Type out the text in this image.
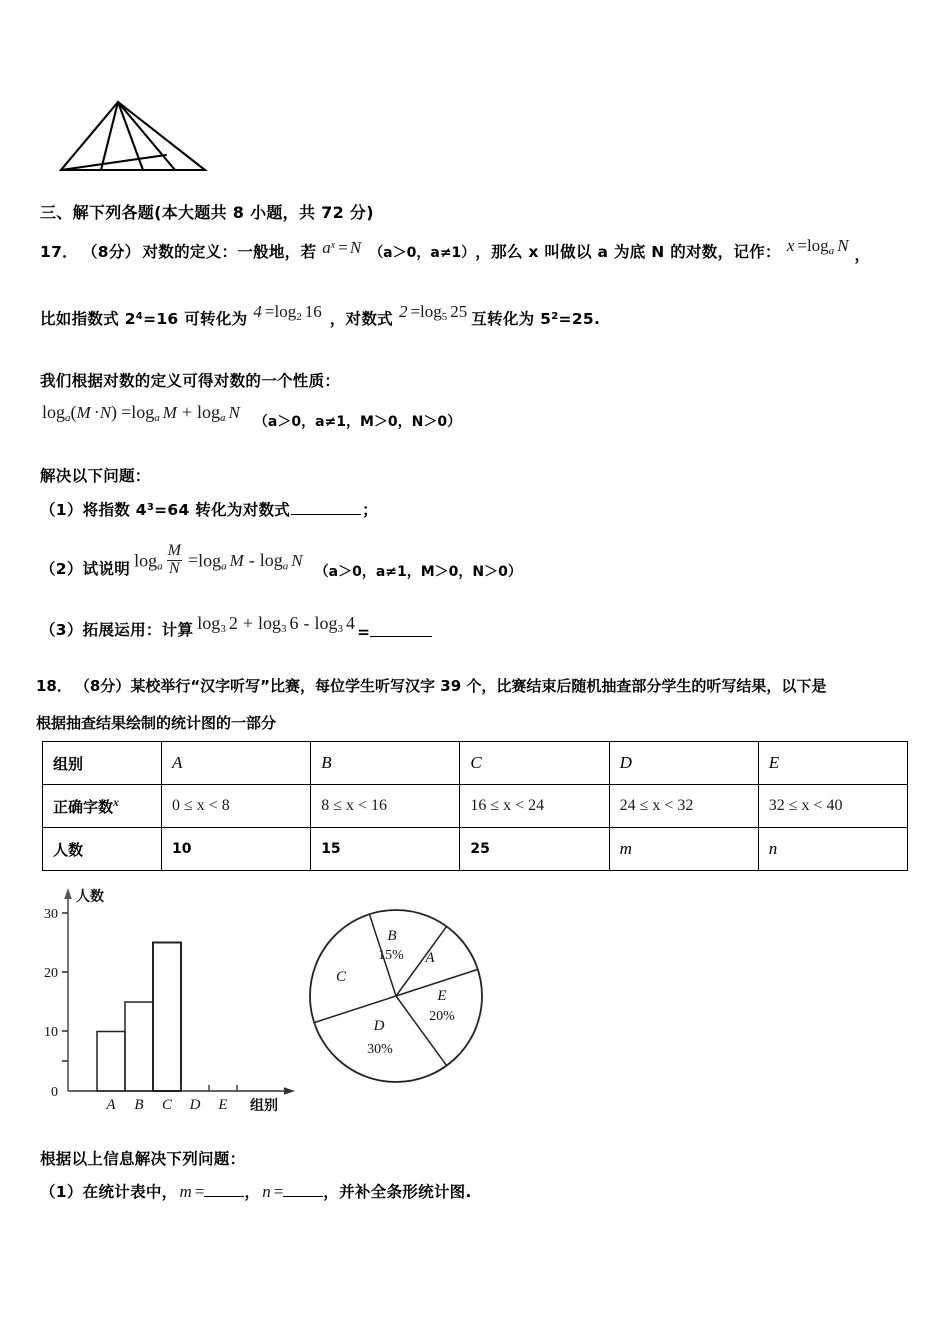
三、解下列各题(本大题共 8 小题，共 72 分)
17． （8分） 对数的定义：一般地，若 $a^x = N$ （a＞0，a≠1） ，那么 x 叫做以 a 为底 N 的对数，记作： $x =\log_a$ N ，
比如指数式 2 4 =16 可转化为 $4 =\log_2$ 16 ，对数式 $2 =\log_5$ 25 互转化为 5 2 =25.
我们根据对数的定义可得对数的一个性质：
$\log_a(M \cdot N) =\log_a$ $M + \log_a N$ （a＞0，a≠1，M＞0，N＞0）
解决以下问题：
（1）将指数 4 3 =64 转化为对数式	；
（2）试说明 $\log_a \frac{M}{N} =\log_a$ M - $\log_a N$
（a＞0，a≠1，M＞0，N＞0）
（3）拓展运用：计算 $\log_3 2 + \log_3 6 - \log_3 4$ =
18． （8分） 某校举行“汉字听写”比赛，每位学生听写汉字 39 个，比赛结束后随机抽查部分学生的听写结果，以下是
根据抽查结果绘制的统计图的一部分
组别	A	B	C	D	E
正确字数$^x$	0 ≤ x < 8	8 ≤ x < 16	16 ≤ x < 24	24 ≤ x < 32	32 ≤ x < 40
人数	10	15	25	m	n
30
20
10
0
人数
A B C D E 组别
A
B
15%
C
D
30%
E
20%
根据以上信息解决下列问题：
（1）在统计表中， m =	， n =	，并补全条形统计图.
